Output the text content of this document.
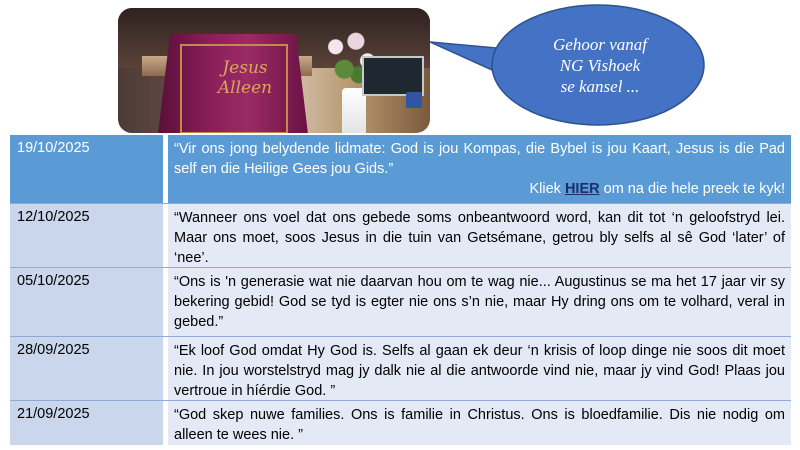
Jesus
Alleen
Gehoor vanaf
NG Vishoek
se kansel ...
19/10/2025	“Vir ons jong belydende lidmate: God is jou Kompas, die Bybel is jou Kaart, Jesus is die Pad self en die Heilige Gees jou Gids.”
Kliek HIER om na die hele preek te kyk!
12/10/2025	“Wanneer ons voel dat ons gebede soms onbeantwoord word, kan dit tot ‘n geloofstryd lei. Maar ons moet, soos Jesus in die tuin van Getsémane, getrou bly selfs al sê God ‘later’ of ‘nee’.
05/10/2025	“Ons is 'n generasie wat nie daarvan hou om te wag nie... Augustinus se ma het 17 jaar vir sy bekering gebid! God se tyd is egter nie ons s’n nie, maar Hy dring ons om te volhard, veral in gebed.”
28/09/2025	“Ek loof God omdat Hy God is. Selfs al gaan ek deur ‘n krisis of loop dinge nie soos dit moet nie. In jou worstelstryd mag jy dalk nie al die antwoorde vind nie, maar jy vind God! Plaas jou vertroue in híérdie God. ”
21/09/2025	“God skep nuwe families. Ons is familie in Christus. Ons is bloedfamilie. Dis nie nodig om alleen te wees nie. ”
